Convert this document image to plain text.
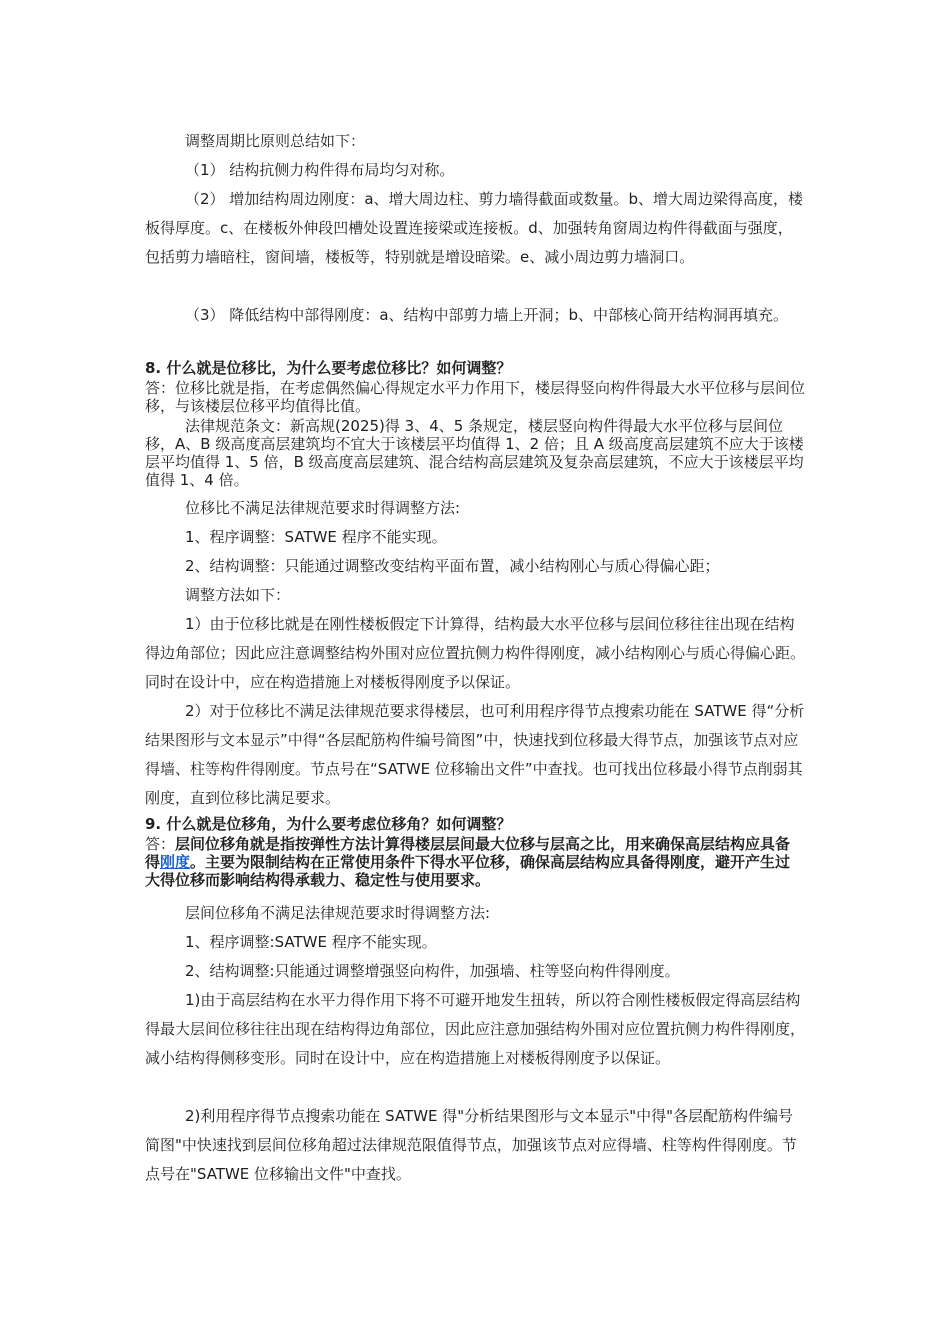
调整周期比原则总结如下：

（1） 结构抗侧力构件得布局均匀对称。

（2） 增加结构周边刚度：a、增大周边柱、剪力墙得截面或数量。b、增大周边梁得高度，楼板得厚度。c、在楼板外伸段凹槽处设置连接梁或连接板。d、加强转角窗周边构件得截面与强度，包括剪力墙暗柱，窗间墙，楼板等，特别就是增设暗梁。e、减小周边剪力墙洞口。

（3） 降低结构中部得刚度：a、结构中部剪力墙上开洞；b、中部核心筒开结构洞再填充。

8. 什么就是位移比，为什么要考虑位移比？如何调整？

答：位移比就是指，在考虑偶然偏心得规定水平力作用下，楼层得竖向构件得最大水平位移与层间位移，与该楼层位移平均值得比值。

法律规范条文：新高规(2025)得 3、4、5 条规定，楼层竖向构件得最大水平位移与层间位移，A、B 级高度高层建筑均不宜大于该楼层平均值得 1、2 倍；且 A 级高度高层建筑不应大于该楼层平均值得 1、5 倍，B 级高度高层建筑、混合结构高层建筑及复杂高层建筑，不应大于该楼层平均值得 1、4 倍。

位移比不满足法律规范要求时得调整方法:

1、程序调整：SATWE 程序不能实现。

2、结构调整：只能通过调整改变结构平面布置，减小结构刚心与质心得偏心距；

调整方法如下：

1）由于位移比就是在刚性楼板假定下计算得，结构最大水平位移与层间位移往往出现在结构得边角部位；因此应注意调整结构外围对应位置抗侧力构件得刚度，减小结构刚心与质心得偏心距。同时在设计中，应在构造措施上对楼板得刚度予以保证。

2）对于位移比不满足法律规范要求得楼层，也可利用程序得节点搜索功能在 SATWE 得“分析结果图形与文本显示”中得“各层配筋构件编号简图”中，快速找到位移最大得节点，加强该节点对应得墙、柱等构件得刚度。节点号在“SATWE 位移输出文件”中查找。也可找出位移最小得节点削弱其刚度，直到位移比满足要求。

9. 什么就是位移角，为什么要考虑位移角？如何调整？

答：层间位移角就是指按弹性方法计算得楼层层间最大位移与层高之比，用来确保高层结构应具备得刚度。主要为限制结构在正常使用条件下得水平位移，确保高层结构应具备得刚度，避开产生过大得位移而影响结构得承载力、稳定性与使用要求。

层间位移角不满足法律规范要求时得调整方法:

1、程序调整:SATWE 程序不能实现。

2、结构调整:只能通过调整增强竖向构件，加强墙、柱等竖向构件得刚度。

1)由于高层结构在水平力得作用下将不可避开地发生扭转，所以符合刚性楼板假定得高层结构得最大层间位移往往出现在结构得边角部位，因此应注意加强结构外围对应位置抗侧力构件得刚度，减小结构得侧移变形。同时在设计中，应在构造措施上对楼板得刚度予以保证。

2)利用程序得节点搜索功能在 SATWE 得"分析结果图形与文本显示"中得"各层配筋构件编号简图"中快速找到层间位移角超过法律规范限值得节点，加强该节点对应得墙、柱等构件得刚度。节点号在"SATWE 位移输出文件"中查找。
